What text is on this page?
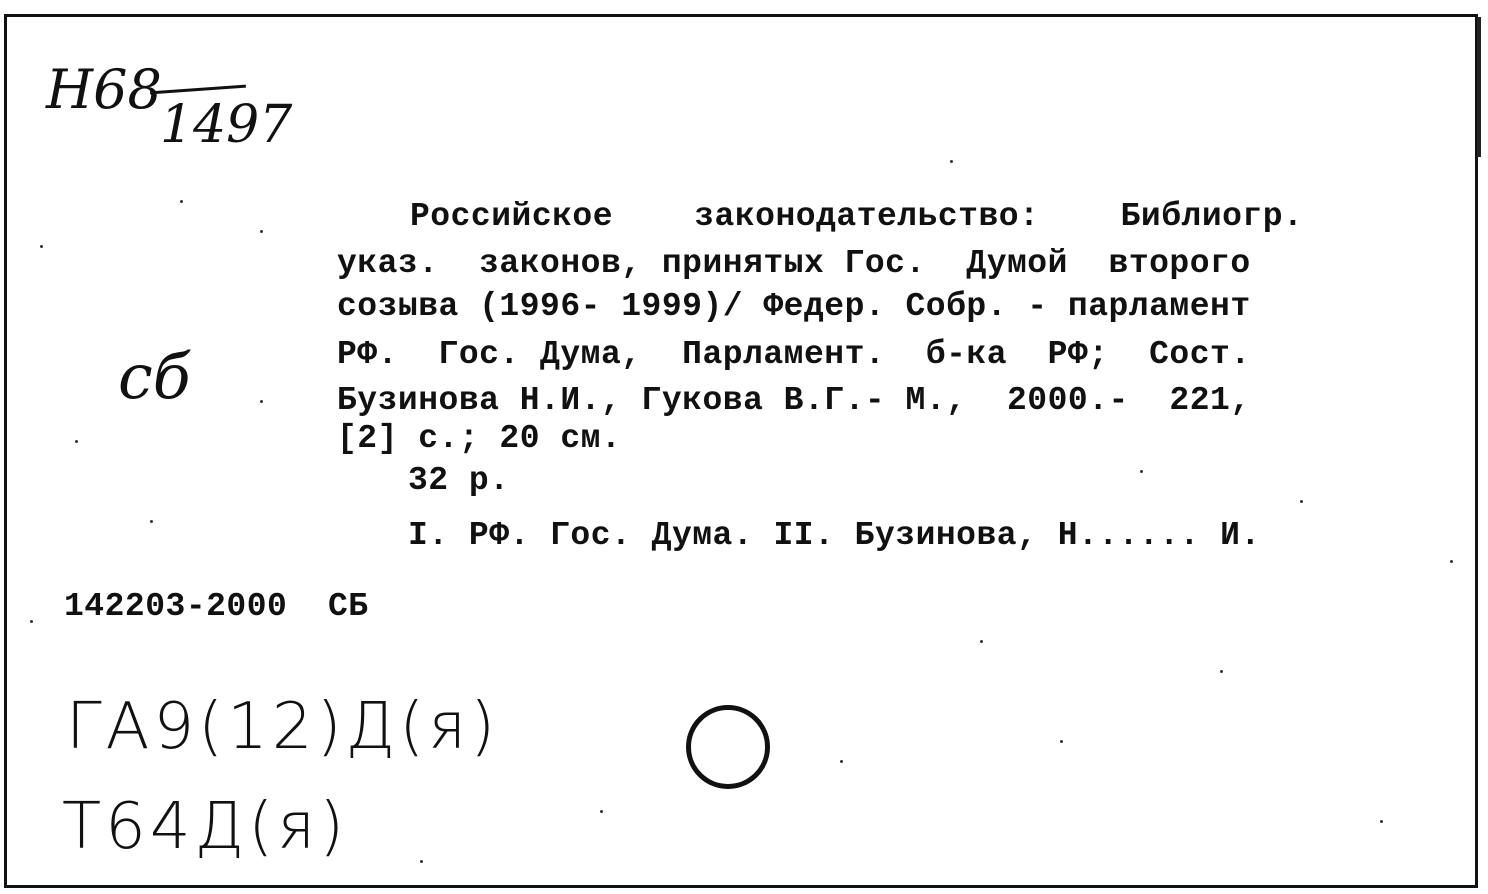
Н68
1497
сб
Российское    законодательство:    Библиогр.
указ.  законов, принятых Гос.  Думой  второго
созыва (1996- 1999)/ Федер. Собр. - парламент
РФ.  Гос. Дума,  Парламент.  б-ка  РФ;  Сост.
Бузинова Н.И., Гукова В.Г.- М.,  2000.-  221,
[2] с.; 20 см.
32 р.
I. РФ. Гос. Дума. II. Бузинова, Н...... И.
142203-2000  СБ
ГА9(12)Д(я)
Т64Д(я)
